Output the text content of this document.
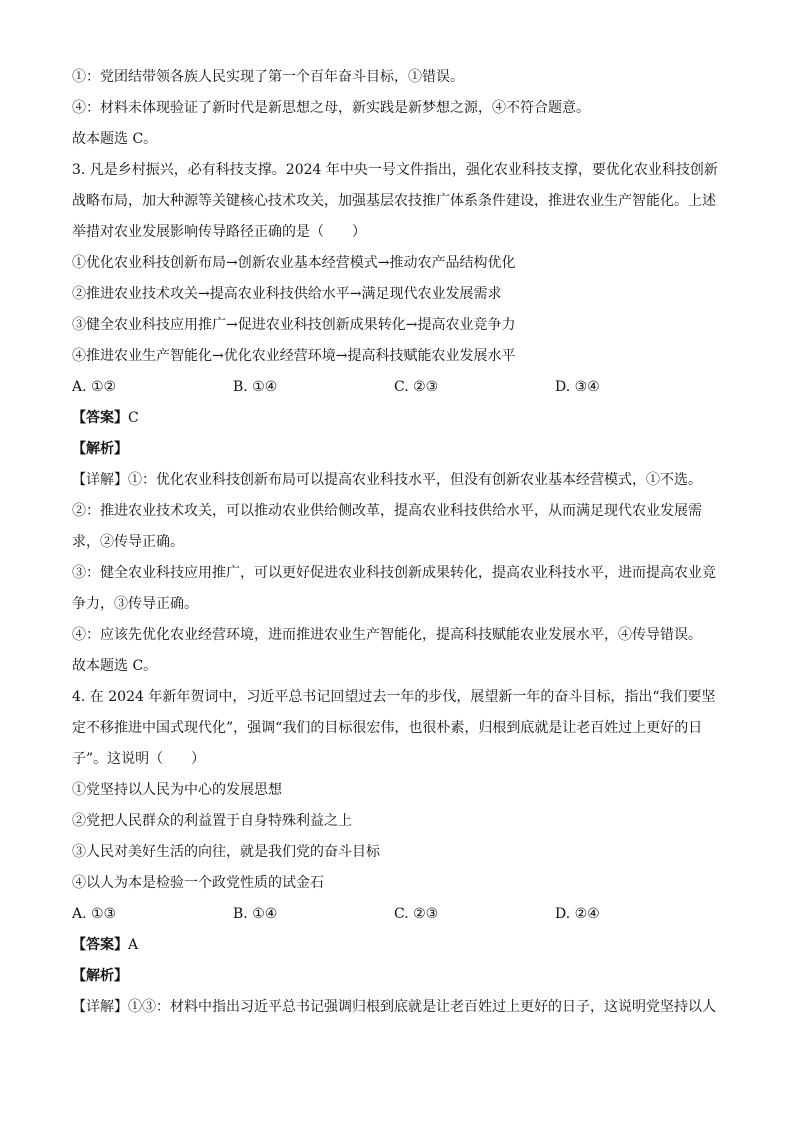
①：党团结带领各族人民实现了第一个百年奋斗目标，①错误。
④：材料未体现验证了新时代是新思想之母，新实践是新梦想之源，④不符合题意。
故本题选 C。
3. 凡是乡村振兴，必有科技支撑。2024 年中央一号文件指出，强化农业科技支撑，要优化农业科技创新
战略布局，加大种源等关键核心技术攻关，加强基层农技推广体系条件建设，推进农业生产智能化。上述
举措对农业发展影响传导路径正确的是（　　）
①优化农业科技创新布局→创新农业基本经营模式→推动农产品结构优化
②推进农业技术攻关→提高农业科技供给水平→满足现代农业发展需求
③健全农业科技应用推广→促进农业科技创新成果转化→提高农业竞争力
④推进农业生产智能化→优化农业经营环境→提高科技赋能农业发展水平
A. ①②	B. ①④	C. ②③	D. ③④
【答案】C
【解析】
【详解】①：优化农业科技创新布局可以提高农业科技水平，但没有创新农业基本经营模式，①不选。
②：推进农业技术攻关，可以推动农业供给侧改革，提高农业科技供给水平，从而满足现代农业发展需
求，②传导正确。
③：健全农业科技应用推广，可以更好促进农业科技创新成果转化，提高农业科技水平，进而提高农业竞
争力，③传导正确。
④：应该先优化农业经营环境，进而推进农业生产智能化，提高科技赋能农业发展水平，④传导错误。
故本题选 C。
4. 在 2024 年新年贺词中，习近平总书记回望过去一年的步伐，展望新一年的奋斗目标，指出“我们要坚
定不移推进中国式现代化”，强调“我们的目标很宏伟，也很朴素，归根到底就是让老百姓过上更好的日
子”。这说明（　　）
①党坚持以人民为中心的发展思想
②党把人民群众的利益置于自身特殊利益之上
③人民对美好生活的向往，就是我们党的奋斗目标
④以人为本是检验一个政党性质的试金石
A. ①③	B. ①④	C. ②③	D. ②④
【答案】A
【解析】
【详解】①③：材料中指出习近平总书记强调归根到底就是让老百姓过上更好的日子，这说明党坚持以人
